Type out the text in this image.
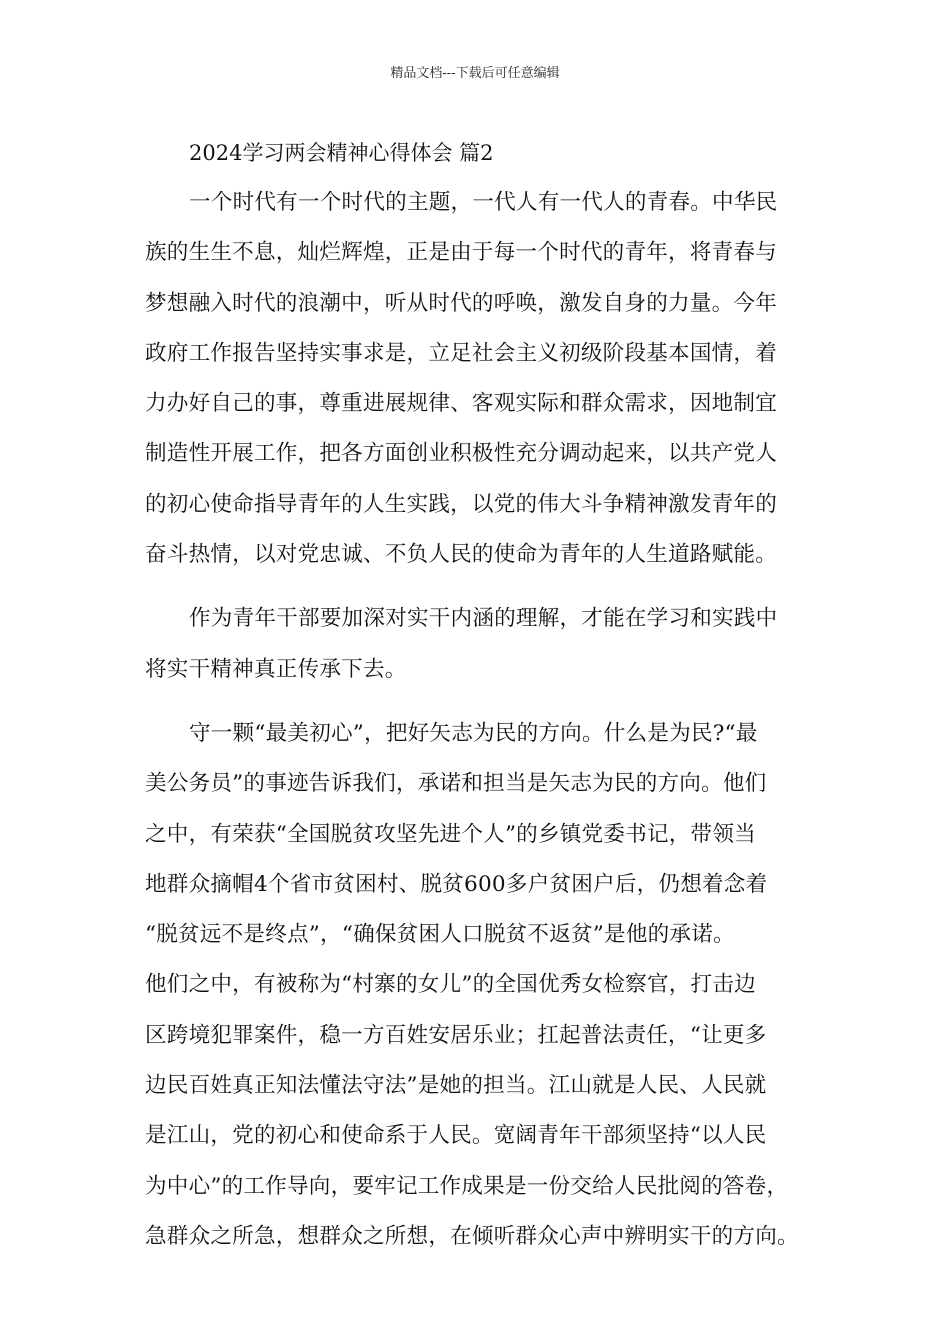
精品文档---下载后可任意编辑
2024学习两会精神心得体会 篇2
一个时代有一个时代的主题，一代人有一代人的青春。中华民
族的生生不息，灿烂辉煌，正是由于每一个时代的青年，将青春与
梦想融入时代的浪潮中，听从时代的呼唤，激发自身的力量。今年
政府工作报告坚持实事求是，立足社会主义初级阶段基本国情，着
力办好自己的事，尊重进展规律、客观实际和群众需求，因地制宜
制造性开展工作，把各方面创业积极性充分调动起来，以共产党人
的初心使命指导青年的人生实践，以党的伟大斗争精神激发青年的
奋斗热情，以对党忠诚、不负人民的使命为青年的人生道路赋能。
作为青年干部要加深对实干内涵的理解，才能在学习和实践中
将实干精神真正传承下去。
守一颗“最美初心”，把好矢志为民的方向。什么是为民?“最
美公务员”的事迹告诉我们，承诺和担当是矢志为民的方向。他们
之中，有荣获“全国脱贫攻坚先进个人”的乡镇党委书记，带领当
地群众摘帽4个省市贫困村、脱贫600多户贫困户后，仍想着念着
“脱贫远不是终点”，“确保贫困人口脱贫不返贫”是他的承诺。
他们之中，有被称为“村寨的女儿”的全国优秀女检察官，打击边
区跨境犯罪案件，稳一方百姓安居乐业；扛起普法责任，“让更多
边民百姓真正知法懂法守法”是她的担当。江山就是人民、人民就
是江山，党的初心和使命系于人民。宽阔青年干部须坚持“以人民
为中心”的工作导向，要牢记工作成果是一份交给人民批阅的答卷，
急群众之所急，想群众之所想，在倾听群众心声中辨明实干的方向。
